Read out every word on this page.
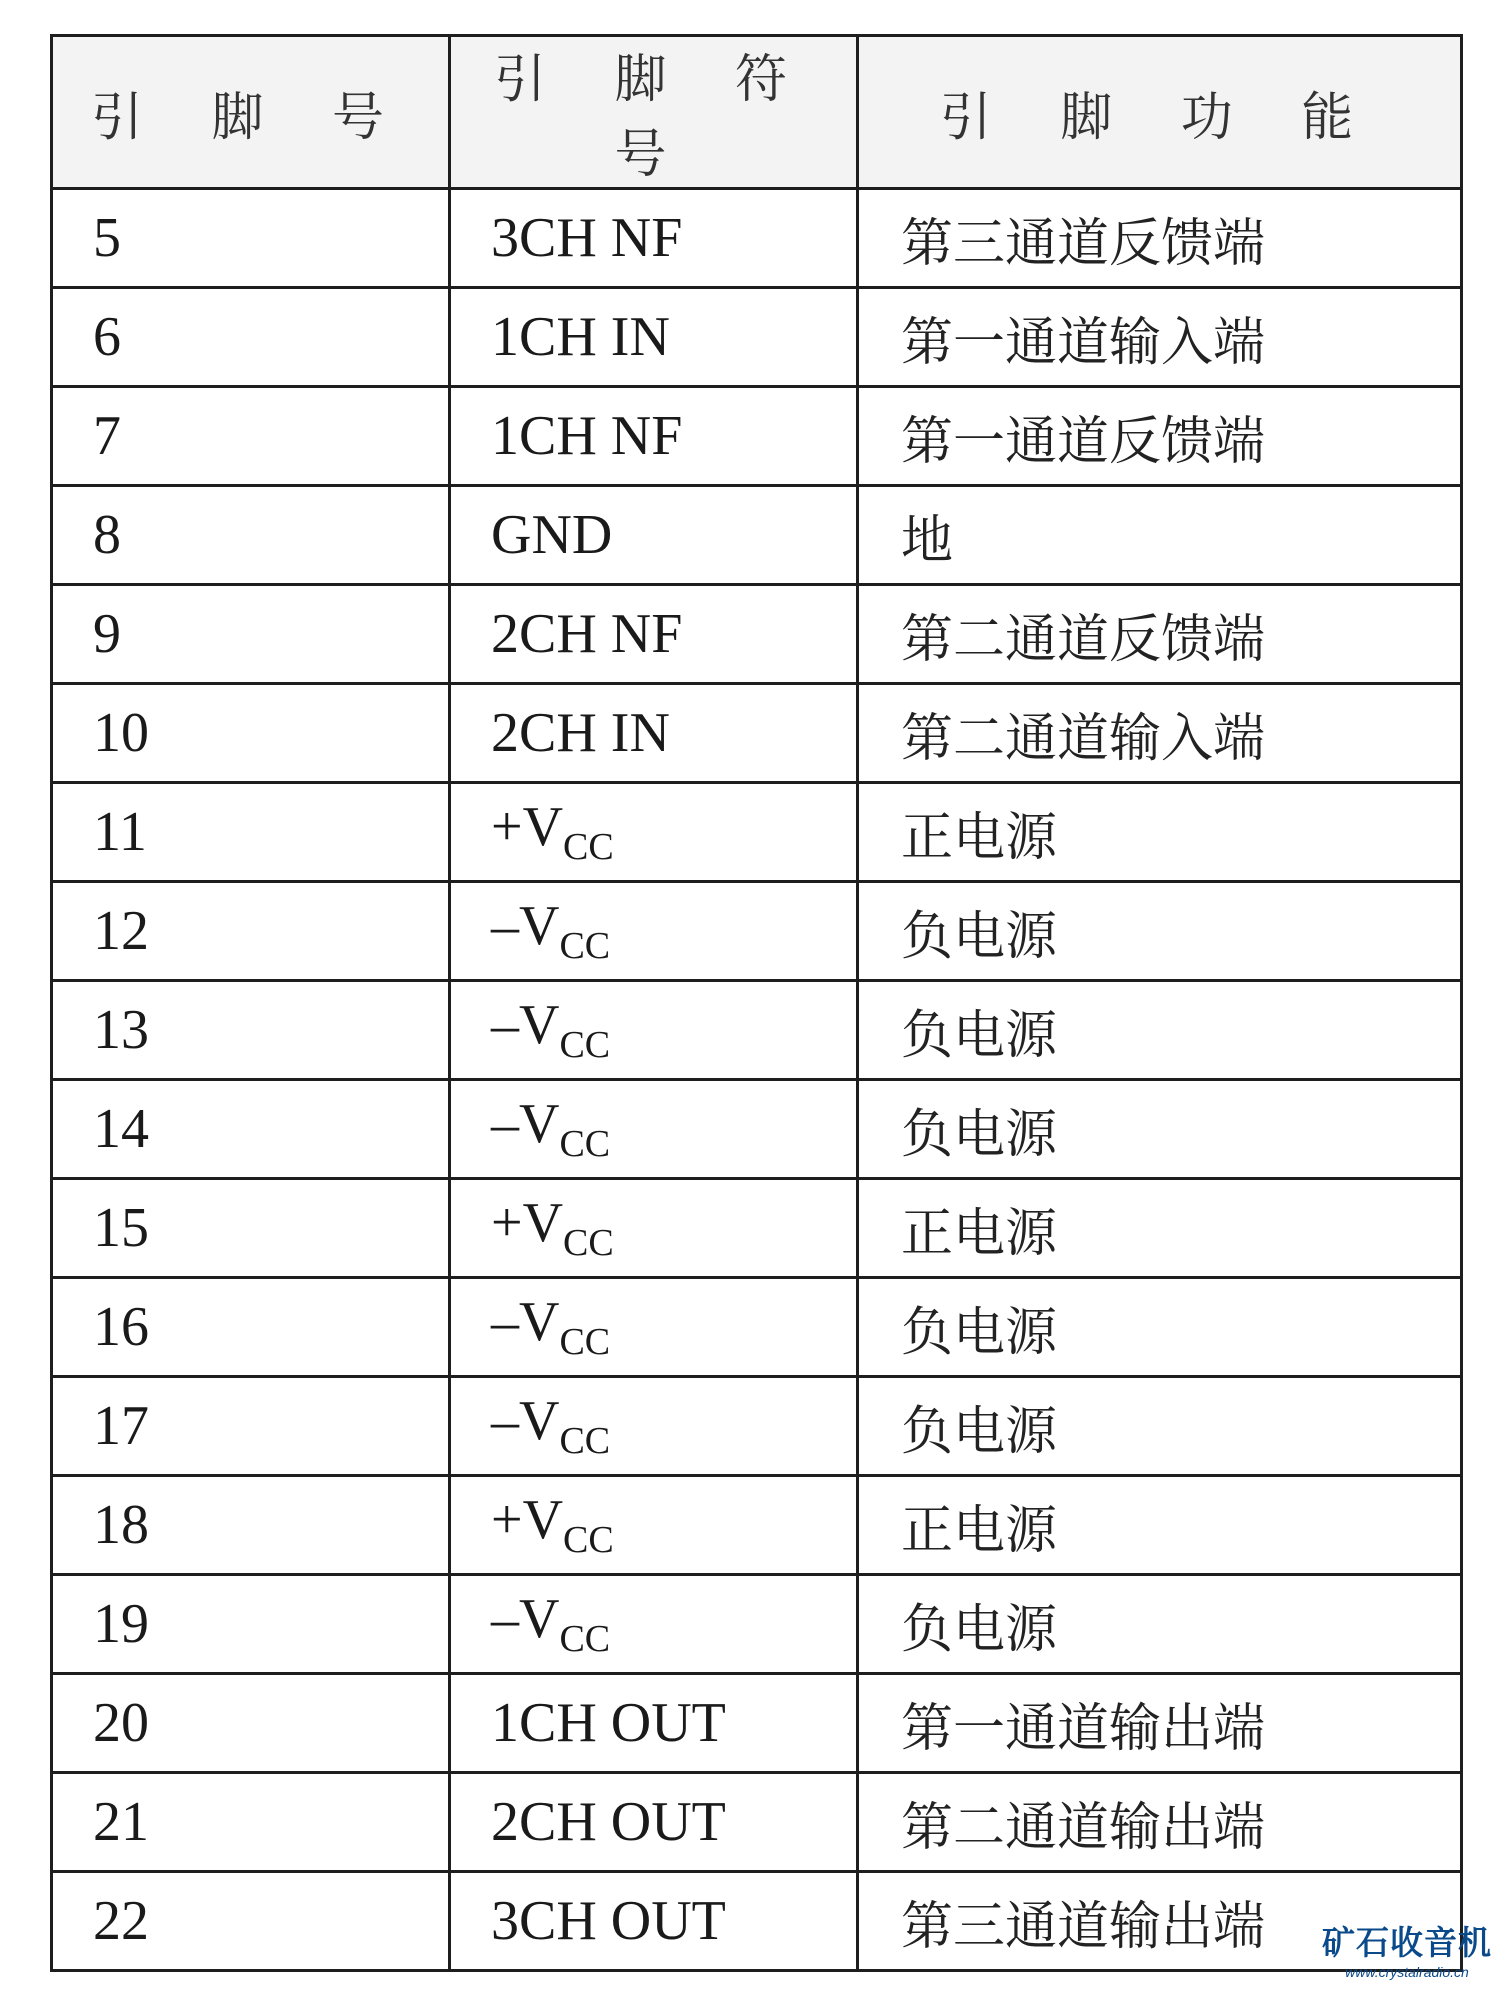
引 脚 号	引 脚 符 号	引 脚 功 能
5	3CH NF	第三通道反馈端
6	1CH IN	第一通道输入端
7	1CH NF	第一通道反馈端
8	GND	地
9	2CH NF	第二通道反馈端
10	2CH IN	第二通道输入端
11	$+V_{CC}$	正电源
12	$-V_{CC}$	负电源
13	$-V_{CC}$	负电源
14	$-V_{CC}$	负电源
15	$+V_{CC}$	正电源
16	$-V_{CC}$	负电源
17	$-V_{CC}$	负电源
18	$+V_{CC}$	正电源
19	$-V_{CC}$	负电源
20	1CH OUT	第一通道输出端
21	2CH OUT	第二通道输出端
22	3CH OUT	第三通道输出端 矿石收音机
www.crystalradio.cn
